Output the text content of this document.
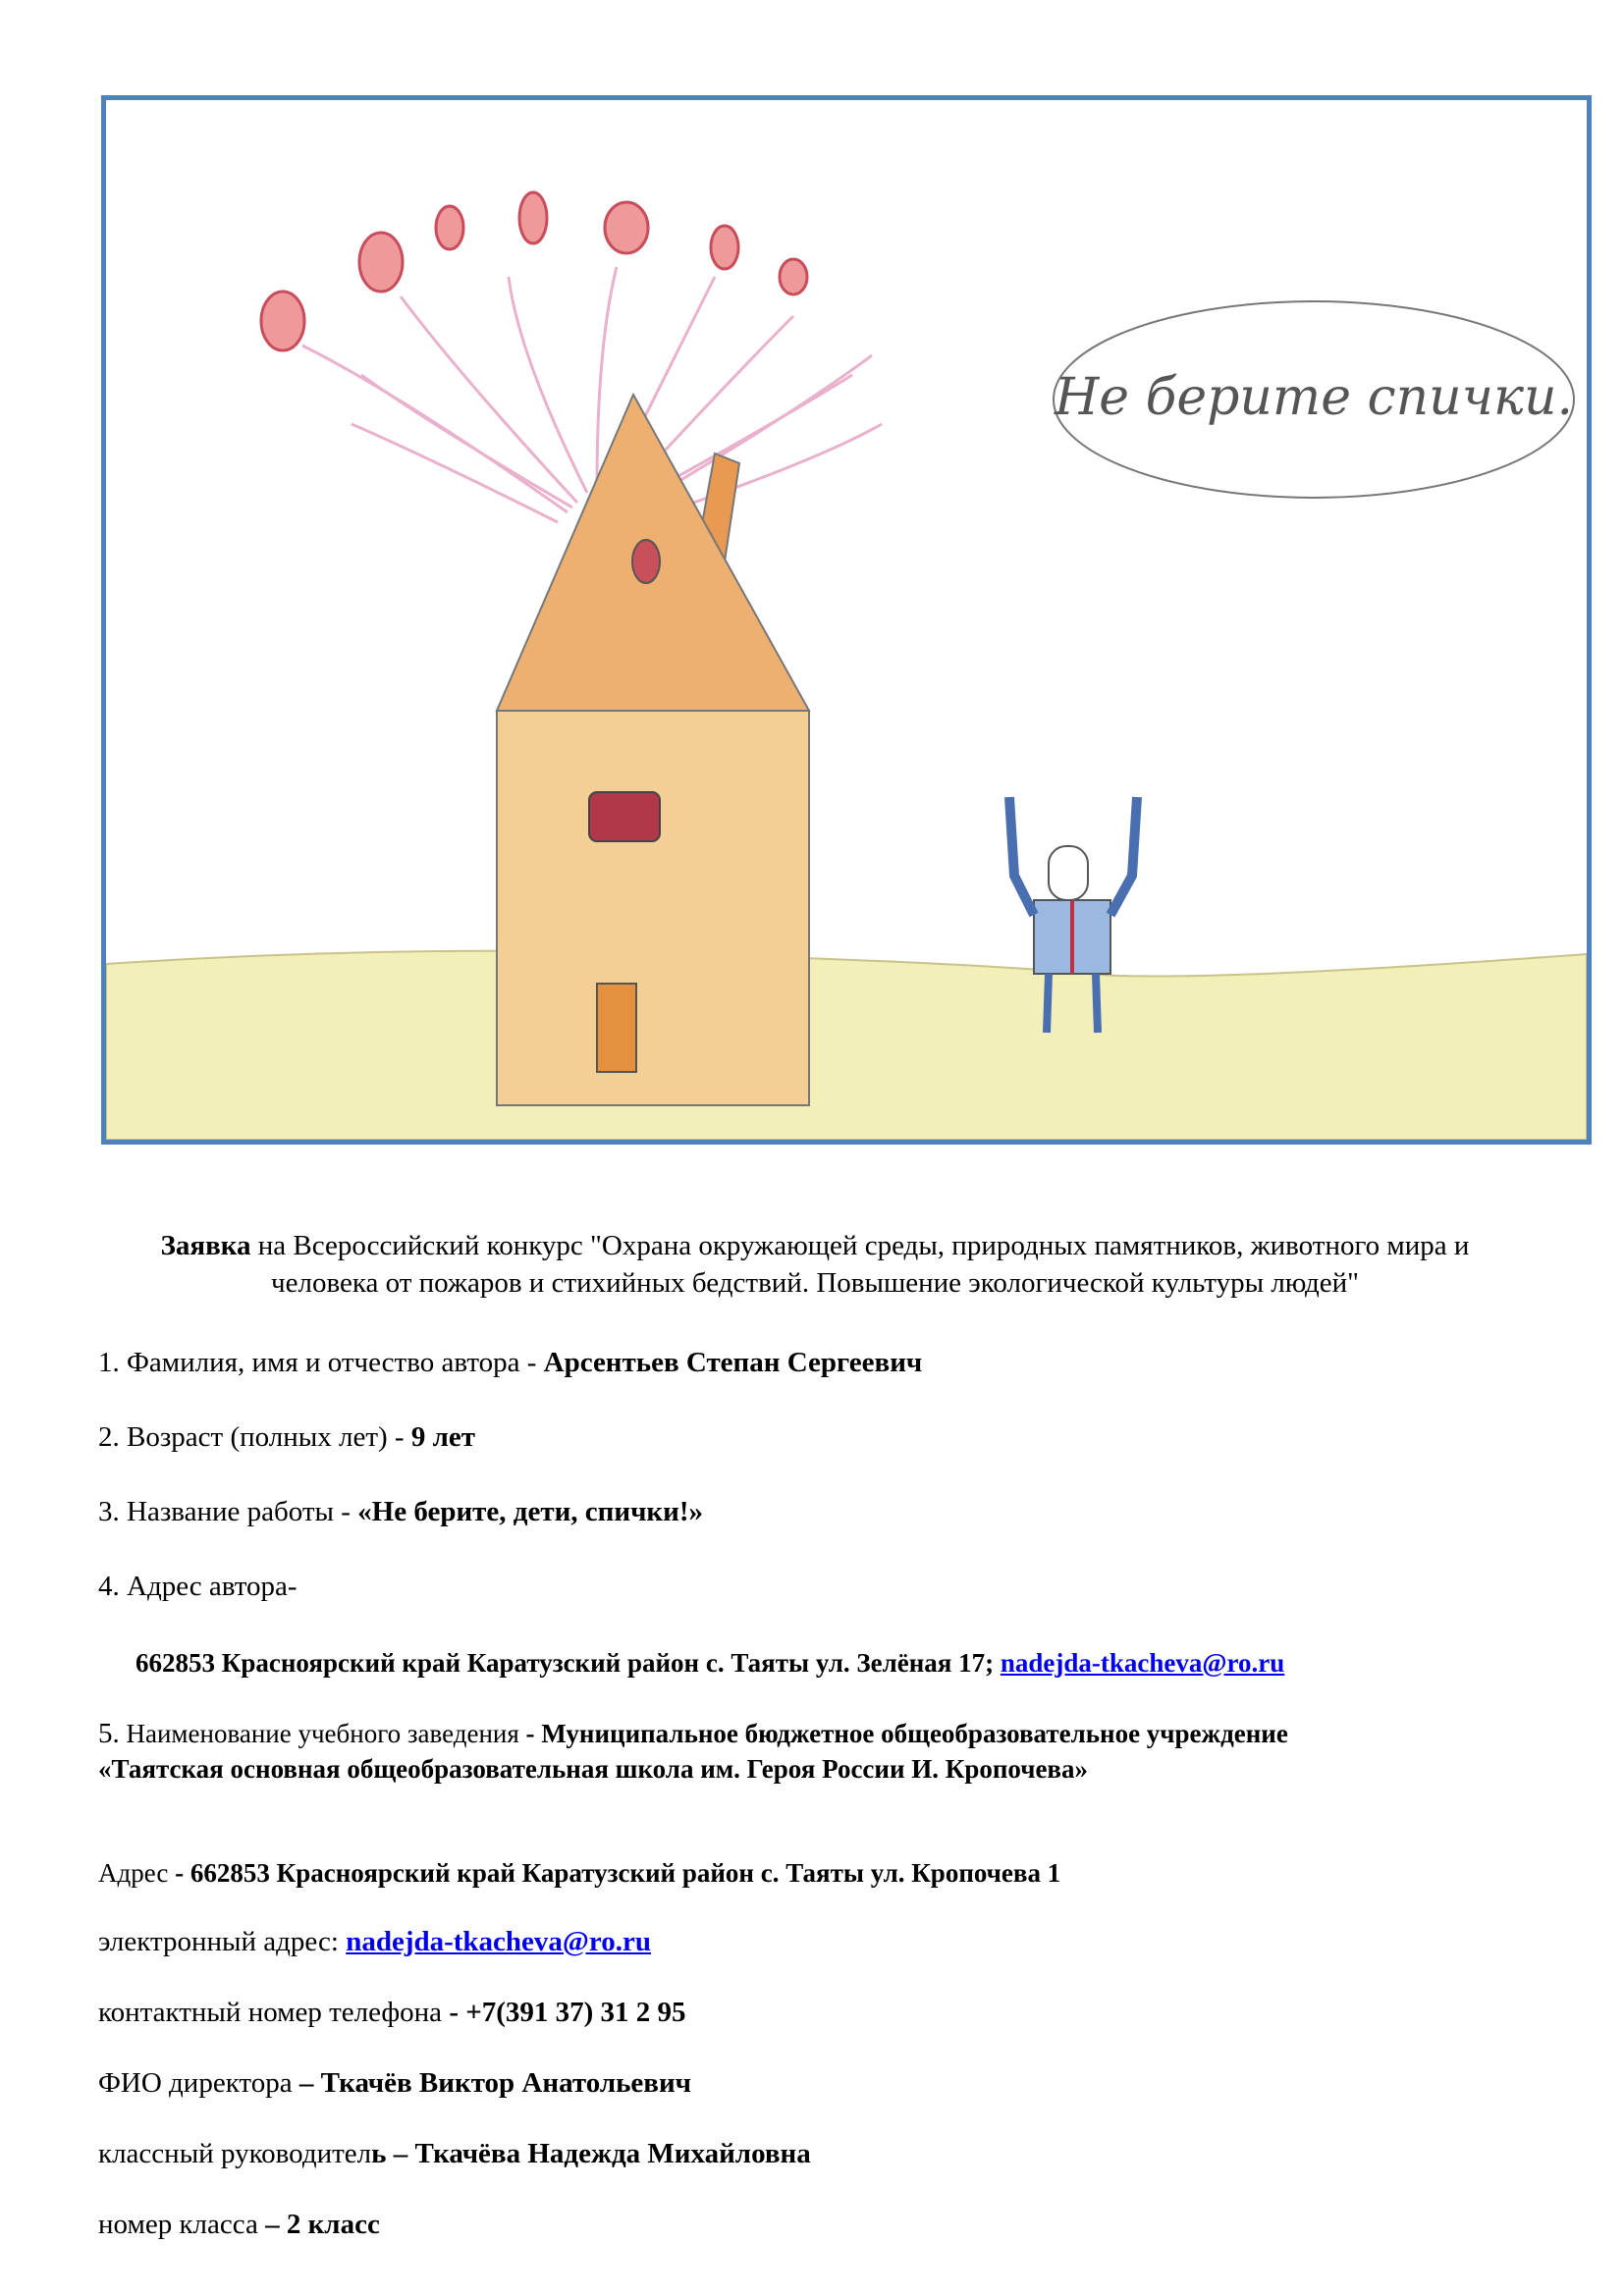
Не берите спички.
Заявка на Всероссийский конкурс "Охрана окружающей среды, природных памятников, животного мира и человека от пожаров и стихийных бедствий. Повышение экологической культуры людей"
1. Фамилия, имя и отчество автора - Арсентьев Степан Сергеевич
2. Возраст (полных лет) - 9 лет
3. Название работы - «Не берите, дети, спички!»
4. Адрес автора-
662853 Красноярский край Каратузский район с. Таяты ул. Зелёная 17; nadejda-tkacheva@ro.ru
5. Наименование учебного заведения - Муниципальное бюджетное общеобразовательное учреждение
«Таятская основная общеобразовательная школа им. Героя России И. Кропочева»
Адрес - 662853 Красноярский край Каратузский район с. Таяты ул. Кропочева 1
электронный адрес: nadejda-tkacheva@ro.ru
контактный номер телефона - +7(391 37) 31 2 95
ФИО директора – Ткачёв Виктор Анатольевич
классный руководитель – Ткачёва Надежда Михайловна
номер класса – 2 класс
